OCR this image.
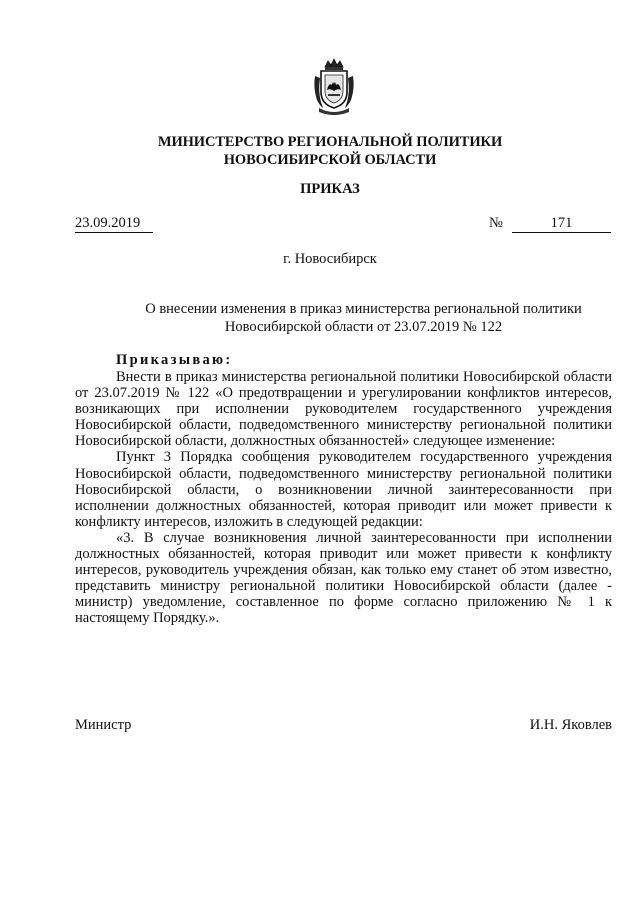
МИНИСТЕРСТВО РЕГИОНАЛЬНОЙ ПОЛИТИКИ
НОВОСИБИРСКОЙ ОБЛАСТИ
ПРИКАЗ
23.09.2019	№	171
г. Новосибирск
О внесении изменения в приказ министерства региональной политики
Новосибирской области от 23.07.2019 № 122
Приказываю:

Внести в приказ министерства региональной политики Новосибирской области от 23.07.2019 № 122 «О предотвращении и урегулировании конфликтов интересов, возникающих при исполнении руководителем государственного учреждения Новосибирской области, подведомственного министерству региональной политики Новосибирской области, должностных обязанностей» следующее изменение:

Пункт 3 Порядка сообщения руководителем государственного учреждения Новосибирской области, подведомственного министерству региональной политики Новосибирской области, о возникновении личной заинтересованности при исполнении должностных обязанностей, которая приводит или может привести к конфликту интересов, изложить в следующей редакции:

«3. В случае возникновения личной заинтересованности при исполнении должностных обязанностей, которая приводит или может привести к конфликту интересов, руководитель учреждения обязан, как только ему станет об этом известно, представить министру региональной политики Новосибирской области (далее - министр) уведомление, составленное по форме согласно приложению № 1 к настоящему Порядку.».

Министр	И.Н. Яковлев
